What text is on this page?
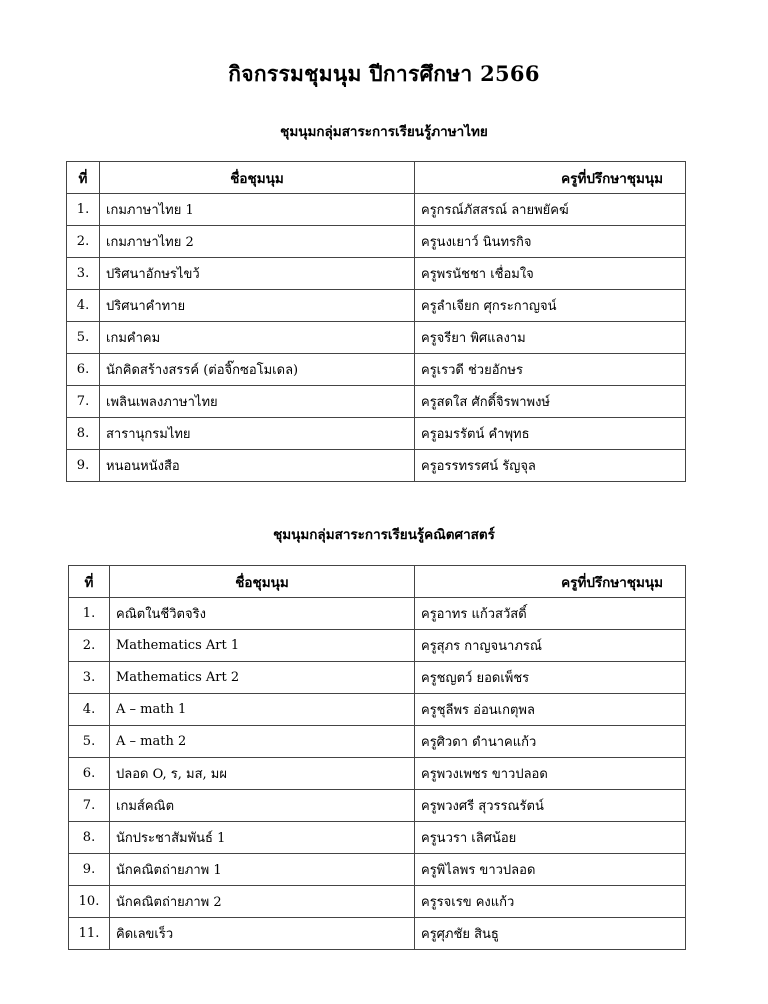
กิจกรรมชุมนุม ปีการศึกษา 2566
ชุมนุมกลุ่มสาระการเรียนรู้ภาษาไทย
ที่	ชื่อชุมนุม	ครูที่ปรึกษาชุมนุม
1.	เกมภาษาไทย 1	ครูกรณ์ภัสสรณ์ ลายพยัคฆ์
2.	เกมภาษาไทย 2	ครูนงเยาว์ นินทรกิจ
3.	ปริศนาอักษรไขว้	ครูพรนัชชา เชื่อมใจ
4.	ปริศนาคำทาย	ครูลำเจียก ศุกระกาญจน์
5.	เกมคำคม	ครูจรียา พิศแลงาม
6.	นักคิดสร้างสรรค์ (ต่อจิ๊กซอโมเดล)	ครูเรวดี ช่วยอักษร
7.	เพลินเพลงภาษาไทย	ครูสดใส ศักดิ์จิรพาพงษ์
8.	สารานุกรมไทย	ครูอมรรัตน์ คำพุทธ
9.	หนอนหนังสือ	ครูอรรทรรศน์ รัญจุล
ชุมนุมกลุ่มสาระการเรียนรู้คณิตศาสตร์
ที่	ชื่อชุมนุม	ครูที่ปรึกษาชุมนุม
1.	คณิตในชีวิตจริง	ครูอาทร แก้วสวัสดิ์
2.	Mathematics Art 1	ครูสุภร กาญจนาภรณ์
3.	Mathematics Art 2	ครูชญตว์ ยอดเพ็ชร
4.	A – math 1	ครูชุลีพร อ่อนเกตุพล
5.	A – math 2	ครูศิวดา ดำนาคแก้ว
6.	ปลอด O, ร, มส, มผ	ครูพวงเพชร ขาวปลอด
7.	เกมส์คณิต	ครูพวงศรี สุวรรณรัตน์
8.	นักประชาสัมพันธ์ 1	ครูนวรา เลิศน้อย
9.	นักคณิตถ่ายภาพ 1	ครูพิไลพร ขาวปลอด
10.	นักคณิตถ่ายภาพ 2	ครูรจเรข คงแก้ว
11.	คิดเลขเร็ว	ครูศุภชัย สินธู
